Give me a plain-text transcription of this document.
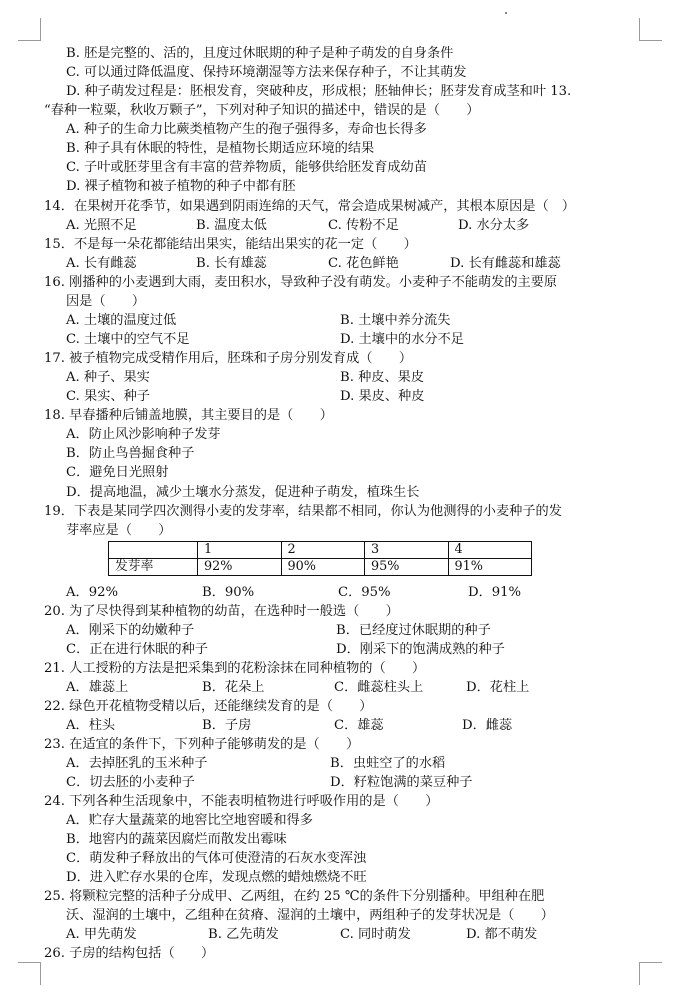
B. 胚是完整的、活的，且度过休眠期的种子是种子萌发的自身条件
C. 可以通过降低温度、保持环境潮湿等方法来保存种子，不让其萌发
D. 种子萌发过程是：胚根发育，突破种皮，形成根；胚轴伸长；胚芽发育成茎和叶 13.
“春种一粒粟，秋收万颗子”，下列对种子知识的描述中，错误的是（　　）
A. 种子的生命力比蕨类植物产生的孢子强得多，寿命也长得多
B. 种子具有休眠的特性，是植物长期适应环境的结果
C. 子叶或胚芽里含有丰富的营养物质，能够供给胚发育成幼苗
D. 裸子植物和被子植物的种子中都有胚
14．在果树开花季节，如果遇到阴雨连绵的天气，常会造成果树减产，其根本原因是（　）
A. 光照不足	B. 温度太低	C. 传粉不足	D. 水分太多
15．不是每一朵花都能结出果实，能结出果实的花一定（　　）
A. 长有雌蕊	B. 长有雄蕊	C. 花色鲜艳	D. 长有雌蕊和雄蕊
16. 刚播种的小麦遇到大雨，麦田积水，导致种子没有萌发。小麦种子不能萌发的主要原
因是（　　）
A. 土壤的温度过低	B. 土壤中养分流失
C. 土壤中的空气不足	D. 土壤中的水分不足
17. 被子植物完成受精作用后，胚珠和子房分别发育成（　　）
A. 种子、果实	B. 种皮、果皮
C. 果实、种子	D. 果皮、种皮
18. 早春播种后铺盖地膜，其主要目的是（　　）
A．防止风沙影响种子发芽
B．防止鸟兽掘食种子
C．避免日光照射
D．提高地温，减少土壤水分蒸发，促进种子萌发，植珠生长
19．下表是某同学四次测得小麦的发芽率，结果都不相同，你认为他测得的小麦种子的发
芽率应是（　　）
A．92%	B．90%	C．95%	D．91%
20. 为了尽快得到某种植物的幼苗，在选种时一般选（　　）
A．刚采下的幼嫩种子	B．已经度过休眠期的种子
C．正在进行休眠的种子	D．刚采下的饱满成熟的种子
21. 人工授粉的方法是把采集到的花粉涂抹在同种植物的（　　）
A．雄蕊上	B．花朵上	C．雌蕊柱头上	D．花柱上
22. 绿色开花植物受精以后，还能继续发育的是（　　）
A．柱头	B．子房	C．雄蕊	D．雌蕊
23. 在适宜的条件下，下列种子能够萌发的是（　　）
A．去掉胚乳的玉米种子	B．虫蛀空了的水稻
C．切去胚的小麦种子	D．籽粒饱满的菜豆种子
24. 下列各种生活现象中，不能表明植物进行呼吸作用的是（　　）
A．贮存大量蔬菜的地窖比空地窖暖和得多
B．地窖内的蔬菜因腐烂而散发出霉味
C．萌发种子释放出的气体可使澄清的石灰水变浑浊
D．进入贮存水果的仓库，发现点燃的蜡烛燃烧不旺
25. 将颗粒完整的活种子分成甲、乙两组，在约 25 ℃的条件下分别播种。甲组种在肥
沃、湿润的土壤中，乙组种在贫瘠、湿润的土壤中，两组种子的发芽状况是（　　）
A. 甲先萌发	B. 乙先萌发	C. 同时萌发	D. 都不萌发
26. 子房的结构包括（　　）
	1	2	3	4
发芽率	92%	90%	95%	91%
